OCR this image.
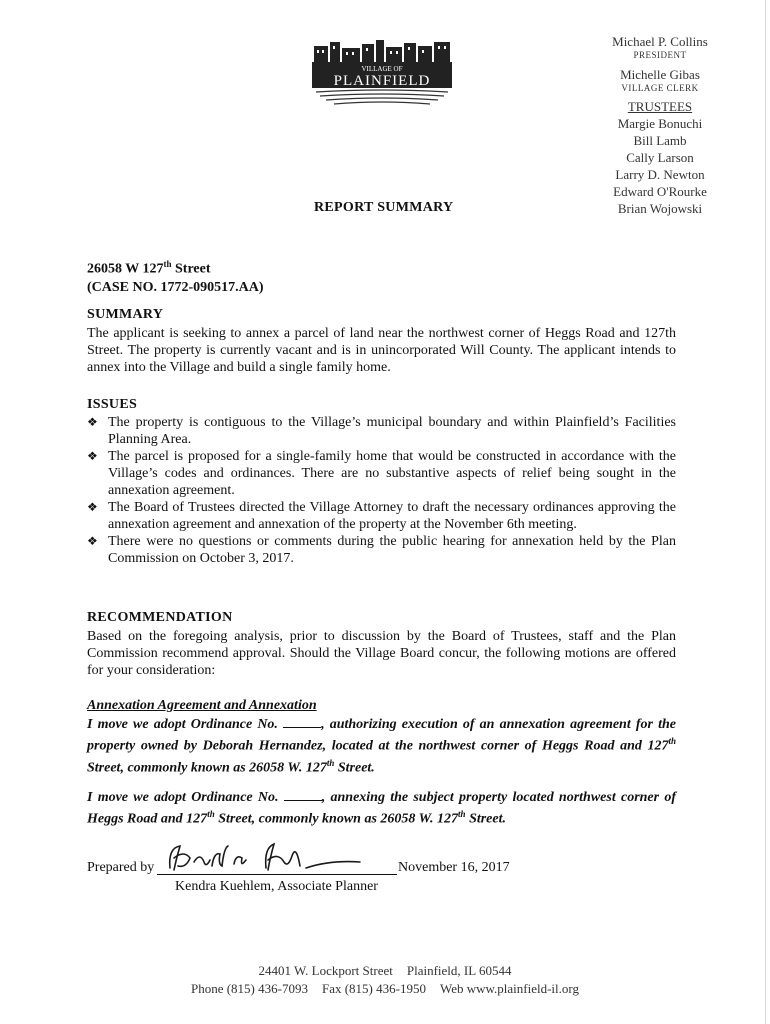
VILLAGE OF
PLAINFIELD
Michael P. Collins
PRESIDENT
Michelle Gibas
VILLAGE CLERK
TRUSTEES
Margie Bonuchi
Bill Lamb
Cally Larson
Larry D. Newton
Edward O'Rourke
Brian Wojowski
REPORT SUMMARY
26058 W 127th Street
(CASE NO. 1772-090517.AA)
SUMMARY
The applicant is seeking to annex a parcel of land near the northwest corner of Heggs Road and 127th Street. The property is currently vacant and is in unincorporated Will County. The applicant intends to annex into the Village and build a single family home.
ISSUES
❖ The property is contiguous to the Village’s municipal boundary and within Plainfield’s Facilities Planning Area.
❖ The parcel is proposed for a single-family home that would be constructed in accordance with the Village’s codes and ordinances. There are no substantive aspects of relief being sought in the annexation agreement.
❖ The Board of Trustees directed the Village Attorney to draft the necessary ordinances approving the annexation agreement and annexation of the property at the November 6th meeting.
❖ There were no questions or comments during the public hearing for annexation held by the Plan Commission on October 3, 2017.
RECOMMENDATION
Based on the foregoing analysis, prior to discussion by the Board of Trustees, staff and the Plan Commission recommend approval. Should the Village Board concur, the following motions are offered for your consideration:
Annexation Agreement and Annexation
I move we adopt Ordinance No.	, authorizing execution of an annexation agreement for the property owned by Deborah Hernandez, located at the northwest corner of Heggs Road and 127th Street, commonly known as 26058 W. 127th Street.
I move we adopt Ordinance No.	, annexing the subject property located northwest corner of Heggs Road and 127th Street, commonly known as 26058 W. 127th Street.
Prepared by	November 16, 2017
Kendra Kuehlem, Associate Planner
24401 W. Lockport Street Plainfield, IL 60544
Phone (815) 436-7093 Fax (815) 436-1950 Web www.plainfield-il.org
